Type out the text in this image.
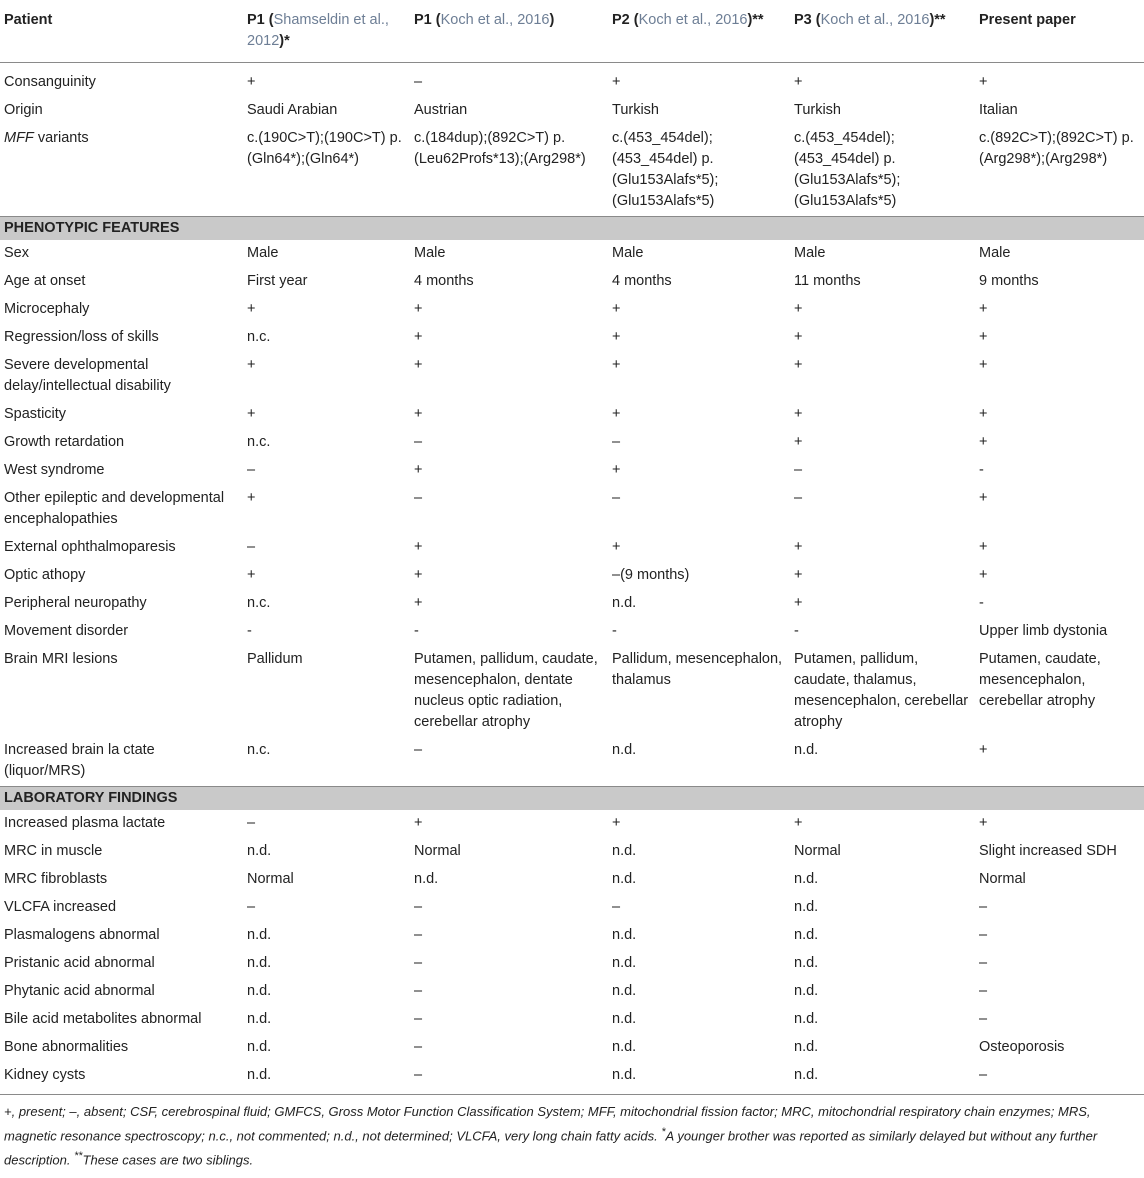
Patient	P1 (Shamseldin et al., 2012)*	P1 (Koch et al., 2016)	P2 (Koch et al., 2016)**	P3 (Koch et al., 2016)**	Present paper
Consanguinity	+	–	+	+	+
Origin	Saudi Arabian	Austrian	Turkish	Turkish	Italian
MFF variants	c.(190C>T);(190C>T) p.(Gln64*);(Gln64*)	c.(184dup);(892C>T) p.(Leu62Profs*13);(Arg298*)	c.(453_454del);(453_454del) p.(Glu153Alafs*5);(Glu153Alafs*5)	c.(453_454del);(453_454del) p.(Glu153Alafs*5);(Glu153Alafs*5)	c.(892C>T);(892C>T) p.(Arg298*);(Arg298*)
PHENOTYPIC FEATURES					
Sex	Male	Male	Male	Male	Male
Age at onset	First year	4 months	4 months	11 months	9 months
Microcephaly	+	+	+	+	+
Regression/loss of skills	n.c.	+	+	+	+
Severe developmental delay/intellectual disability	+	+	+	+	+
Spasticity	+	+	+	+	+
Growth retardation	n.c.	–	–	+	+
West syndrome	–	+	+	–	-
Other epileptic and developmental encephalopathies	+	–	–	–	+
External ophthalmoparesis	–	+	+	+	+
Optic athopy	+	+	–(9 months)	+	+
Peripheral neuropathy	n.c.	+	n.d.	+	-
Movement disorder	-	-	-	-	Upper limb dystonia
Brain MRI lesions	Pallidum	Putamen, pallidum, caudate, mesencephalon, dentate nucleus optic radiation, cerebellar atrophy	Pallidum, mesencephalon, thalamus	Putamen, pallidum, caudate, thalamus, mesencephalon, cerebellar atrophy	Putamen, caudate, mesencephalon, cerebellar atrophy
Increased brain la ctate (liquor/MRS)	n.c.	–	n.d.	n.d.	+
LABORATORY FINDINGS					
Increased plasma lactate	–	+	+	+	+
MRC in muscle	n.d.	Normal	n.d.	Normal	Slight increased SDH
MRC fibroblasts	Normal	n.d.	n.d.	n.d.	Normal
VLCFA increased	–	–	–	n.d.	–
Plasmalogens abnormal	n.d.	–	n.d.	n.d.	–
Pristanic acid abnormal	n.d.	–	n.d.	n.d.	–
Phytanic acid abnormal	n.d.	–	n.d.	n.d.	–
Bile acid metabolites abnormal	n.d.	–	n.d.	n.d.	–
Bone abnormalities	n.d.	–	n.d.	n.d.	Osteoporosis
Kidney cysts	n.d.	–	n.d.	n.d.	–
+, present; –, absent; CSF, cerebrospinal fluid; GMFCS, Gross Motor Function Classification System; MFF, mitochondrial fission factor; MRC, mitochondrial respiratory chain enzymes; MRS, magnetic resonance spectroscopy; n.c., not commented; n.d., not determined; VLCFA, very long chain fatty acids. *A younger brother was reported as similarly delayed but without any further description. **These cases are two siblings.
